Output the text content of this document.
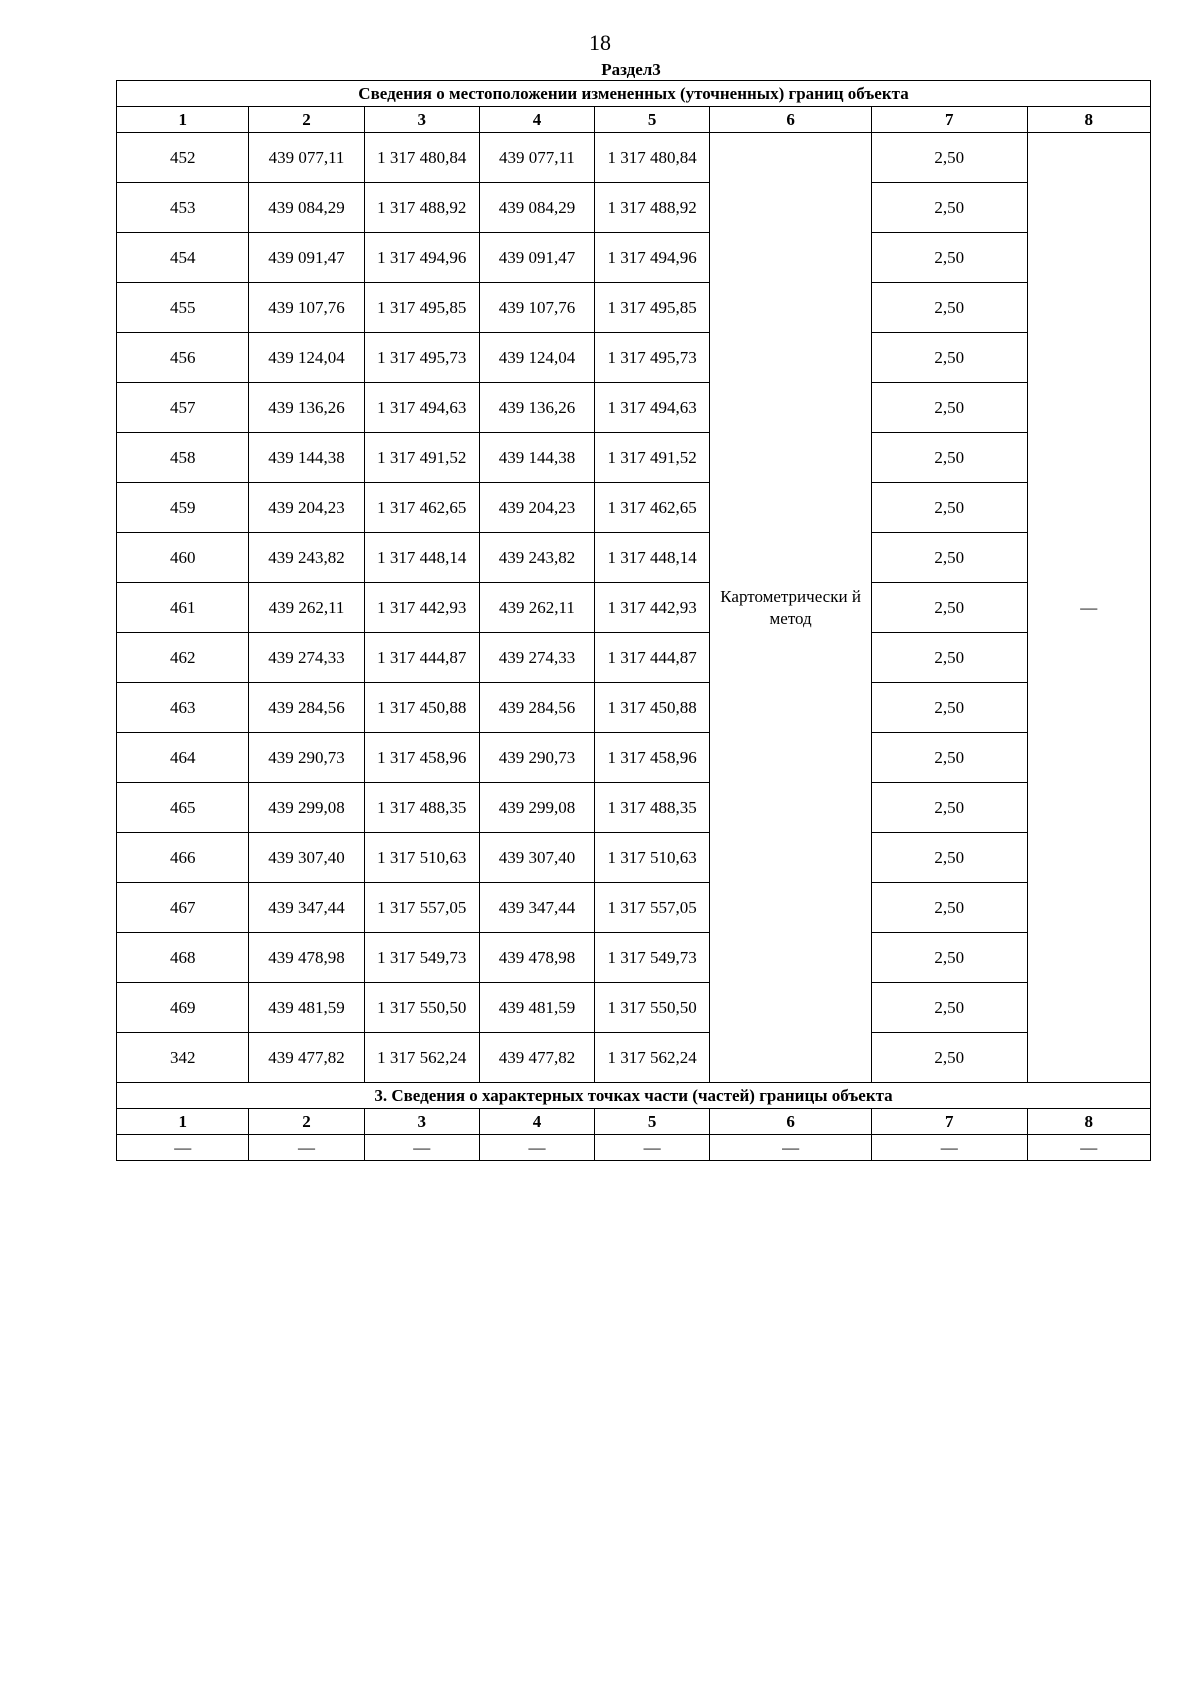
18
Раздел3
Сведения о местоположении измененных (уточненных) границ объекта							
1	2	3	4	5	6	7	8
452	439 077,11	1 317 480,84	439 077,11	1 317 480,84	Картометрически й метод	2,50	—
453	439 084,29	1 317 488,92	439 084,29	1 317 488,92		2,50	
454	439 091,47	1 317 494,96	439 091,47	1 317 494,96		2,50	
455	439 107,76	1 317 495,85	439 107,76	1 317 495,85		2,50	
456	439 124,04	1 317 495,73	439 124,04	1 317 495,73		2,50	
457	439 136,26	1 317 494,63	439 136,26	1 317 494,63		2,50	
458	439 144,38	1 317 491,52	439 144,38	1 317 491,52		2,50	
459	439 204,23	1 317 462,65	439 204,23	1 317 462,65		2,50	
460	439 243,82	1 317 448,14	439 243,82	1 317 448,14		2,50	
461	439 262,11	1 317 442,93	439 262,11	1 317 442,93		2,50	
462	439 274,33	1 317 444,87	439 274,33	1 317 444,87		2,50	
463	439 284,56	1 317 450,88	439 284,56	1 317 450,88		2,50	
464	439 290,73	1 317 458,96	439 290,73	1 317 458,96		2,50	
465	439 299,08	1 317 488,35	439 299,08	1 317 488,35		2,50	
466	439 307,40	1 317 510,63	439 307,40	1 317 510,63		2,50	
467	439 347,44	1 317 557,05	439 347,44	1 317 557,05		2,50	
468	439 478,98	1 317 549,73	439 478,98	1 317 549,73		2,50	
469	439 481,59	1 317 550,50	439 481,59	1 317 550,50		2,50	
342	439 477,82	1 317 562,24	439 477,82	1 317 562,24		2,50	
3. Сведения о характерных точках части (частей) границы объекта							
1	2	3	4	5	6	7	8
—	—	—	—	—	—	—	—
